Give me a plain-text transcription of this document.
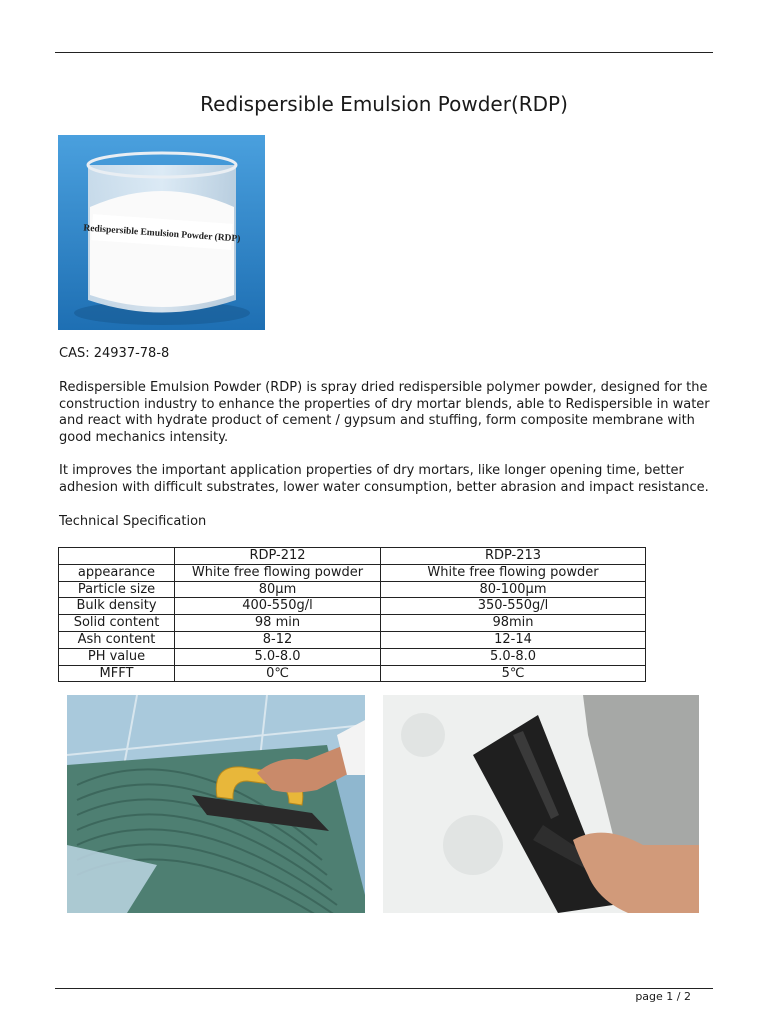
Redispersible Emulsion Powder(RDP)
Redispersible Emulsion Powder (RDP)

CAS: 24937-78-8

Redispersible Emulsion Powder (RDP) is spray dried redispersible polymer powder, designed for the construction industry to enhance the properties of dry mortar blends, able to Redispersible in water and react with hydrate product of cement / gypsum and stuffing, form composite membrane with good mechanics intensity.

It improves the important application properties of dry mortars, like longer opening time, better adhesion with difficult substrates, lower water consumption, better abrasion and impact resistance.

Technical Specification

	RDP-212	RDP-213
appearance	White free flowing powder	White free flowing powder
Particle size	80μm	80-100μm
Bulk density	400-550g/l	350-550g/l
Solid content	98 min	98min
Ash content	8-12	12-14
PH value	5.0-8.0	5.0-8.0
MFFT	0℃	5℃
page 1 / 2
